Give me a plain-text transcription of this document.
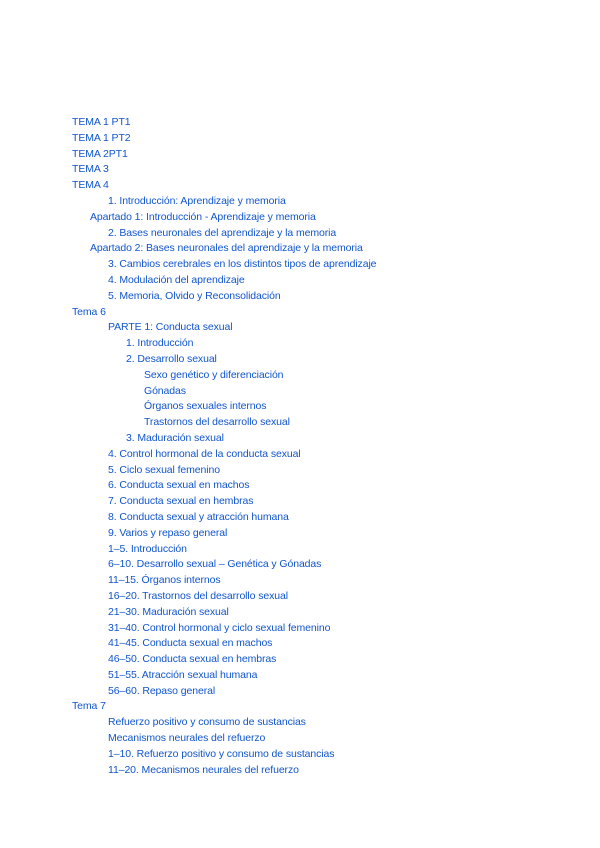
TEMA 1 PT1
TEMA 1 PT2
TEMA 2PT1
TEMA 3
TEMA 4
1. Introducción: Aprendizaje y memoria
Apartado 1: Introducción - Aprendizaje y memoria
2. Bases neuronales del aprendizaje y la memoria
Apartado 2: Bases neuronales del aprendizaje y la memoria
3. Cambios cerebrales en los distintos tipos de aprendizaje
4. Modulación del aprendizaje
5. Memoria, Olvido y Reconsolidación
Tema 6
PARTE 1: Conducta sexual
1. Introducción
2. Desarrollo sexual
Sexo genético y diferenciación
Gónadas
Órganos sexuales internos
Trastornos del desarrollo sexual
3. Maduración sexual
4. Control hormonal de la conducta sexual
5. Ciclo sexual femenino
6. Conducta sexual en machos
7. Conducta sexual en hembras
8. Conducta sexual y atracción humana
9. Varios y repaso general
1–5. Introducción
6–10. Desarrollo sexual – Genética y Gónadas
11–15. Órganos internos
16–20. Trastornos del desarrollo sexual
21–30. Maduración sexual
31–40. Control hormonal y ciclo sexual femenino
41–45. Conducta sexual en machos
46–50. Conducta sexual en hembras
51–55. Atracción sexual humana
56–60. Repaso general
Tema 7
Refuerzo positivo y consumo de sustancias
Mecanismos neurales del refuerzo
1–10. Refuerzo positivo y consumo de sustancias
11–20. Mecanismos neurales del refuerzo
